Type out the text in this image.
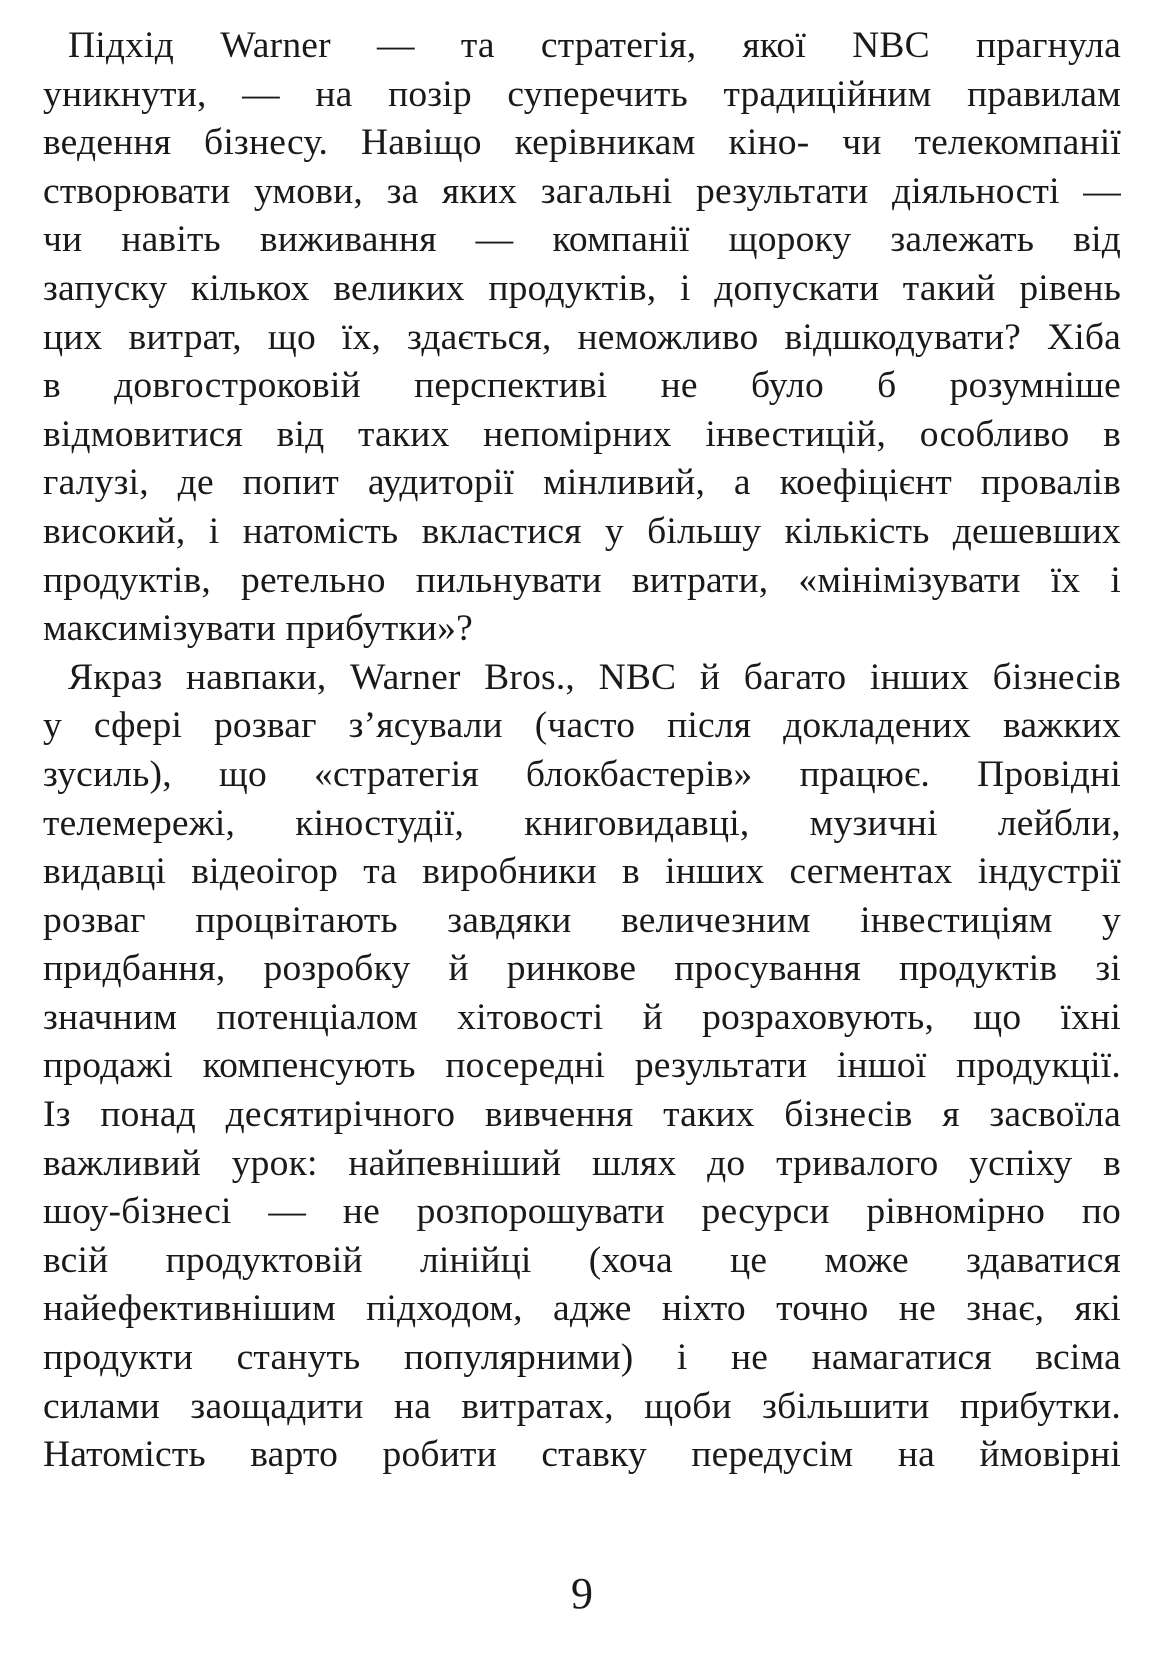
Підхід Warner — та стратегія, якої NBC прагнула
уникнути, — на позір суперечить традиційним правилам
ведення бізнесу. Навіщо керівникам кіно- чи телекомпанії
створювати умови, за яких загальні результати діяльності —
чи навіть виживання — компанії щороку залежать від
запуску кількох великих продуктів, і допускати такий рівень
цих витрат, що їх, здається, неможливо відшкодувати? Хіба
в довгостроковій перспективі не було б розумніше
відмовитися від таких непомірних інвестицій, особливо в
галузі, де попит аудиторії мінливий, а коефіцієнт провалів
високий, і натомість вкластися у більшу кількість дешевших
продуктів, ретельно пильнувати витрати, «мінімізувати їх і
максимізувати прибутки»?
Якраз навпаки, Warner Bros., NBC й багато інших бізнесів
у сфері розваг з’ясували (часто після докладених важких
зусиль), що «стратегія блокбастерів» працює. Провідні
телемережі, кіностудії, книговидавці, музичні лейбли,
видавці відеоігор та виробники в інших сегментах індустрії
розваг процвітають завдяки величезним інвестиціям у
придбання, розробку й ринкове просування продуктів зі
значним потенціалом хітовості й розраховують, що їхні
продажі компенсують посередні результати іншої продукції.
Із понад десятирічного вивчення таких бізнесів я засвоїла
важливий урок: найпевніший шлях до тривалого успіху в
шоу-бізнесі — не розпорошувати ресурси рівномірно по
всій продуктовій лінійці (хоча це може здаватися
найефективнішим підходом, адже ніхто точно не знає, які
продукти стануть популярними) і не намагатися всіма
силами заощадити на витратах, щоби збільшити прибутки.
Натомість варто робити ставку передусім на ймовірні
9
